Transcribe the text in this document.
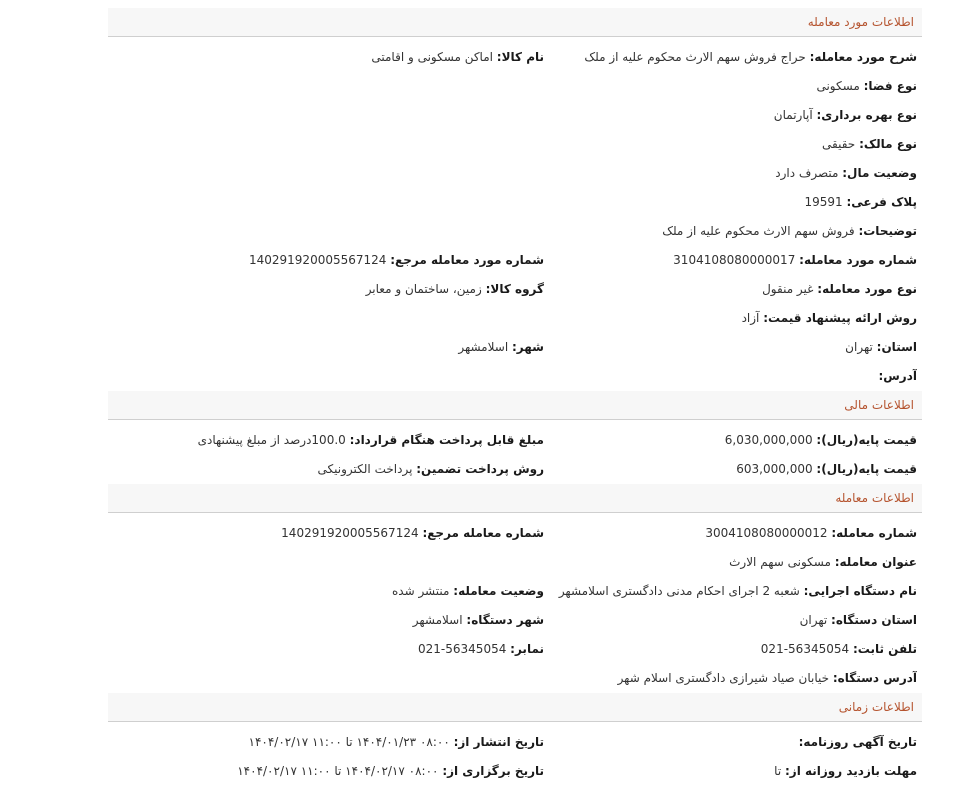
اطلاعات مورد معامله
شرح مورد معامله: حراج فروش سهم الارث محکوم علیه از ملک
نام کالا: اماکن مسکونی و اقامتی
نوع فضا: مسکونی
نوع بهره برداری: آپارتمان
نوع مالک: حقیقی
وضعیت مال: متصرف دارد
پلاک فرعی: 19591
توضیحات: فروش سهم الارث محکوم علیه از ملک
شماره مورد معامله: 3104108080000017
شماره مورد معامله مرجع: 140291920005567124
نوع مورد معامله: غیر منقول
گروه کالا: زمین، ساختمان و معابر
روش ارائه پیشنهاد قیمت: آزاد
استان: تهران
شهر: اسلامشهر
آدرس:
اطلاعات مالی
قیمت پایه(ریال): 6,030,000,000
مبلغ قابل پرداخت هنگام قرارداد: 100.0درصد از مبلغ پیشنهادی
قیمت پایه(ریال): 603,000,000
روش پرداخت تضمین: پرداخت الکترونیکی
اطلاعات معامله
شماره معامله: 3004108080000012
شماره معامله مرجع: 140291920005567124
عنوان معامله: مسکونی سهم الارث
نام دستگاه اجرایی: شعبه 2 اجرای احکام مدنی دادگستری اسلامشهر
وضعیت معامله: منتشر شده
استان دستگاه: تهران
شهر دستگاه: اسلامشهر
تلفن ثابت: 56345054-021
نمابر: 56345054-021
آدرس دستگاه: خیابان صیاد شیرازی دادگستری اسلام شهر
اطلاعات زمانی
تاریخ آگهی روزنامه:
تاریخ انتشار از: ۰۸:۰۰ ۱۴۰۴/۰۱/۲۳ تا ۱۱:۰۰ ۱۴۰۴/۰۲/۱۷
مهلت بازدید روزانه از: تا
تاریخ برگزاری از: ۰۸:۰۰ ۱۴۰۴/۰۲/۱۷ تا ۱۱:۰۰ ۱۴۰۴/۰۲/۱۷
